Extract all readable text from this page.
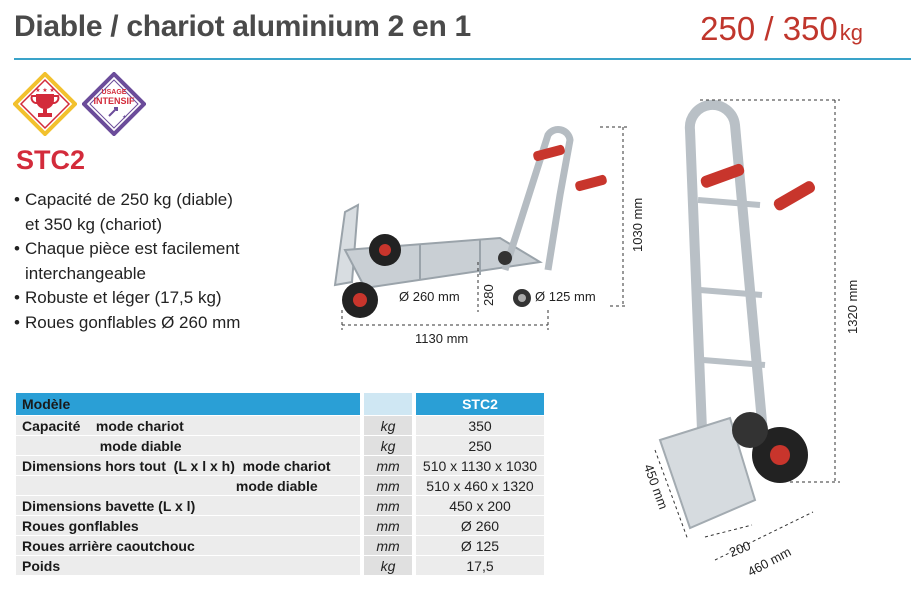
Diable / chariot aluminium 2 en 1	250 / 350kg
★ ★ ★
✦
USAGE
INTENSIF
STC2
• Capacité de 250 kg (diable)
et 350 kg (chariot)
• Chaque pièce est facilement
interchangeable
• Robuste et léger (17,5 kg)
• Roues gonflables Ø 260 mm
Ø 260 mm 280	Ø 125 mm
1130 mm
1030 mm
1320 mm
450 mm
200
460 mm
Modèle				STC2
Capacité    mode chariot		kg		350
mode diable		kg		250
Dimensions hors tout  (L x l x h)  mode chariot		mm		510 x 1130 x 1030
mode diable		mm		510 x 460 x 1320
Dimensions bavette (L x l)		mm		450 x 200
Roues gonflables		mm		Ø 260
Roues arrière caoutchouc		mm		Ø 125
Poids		kg		17,5
